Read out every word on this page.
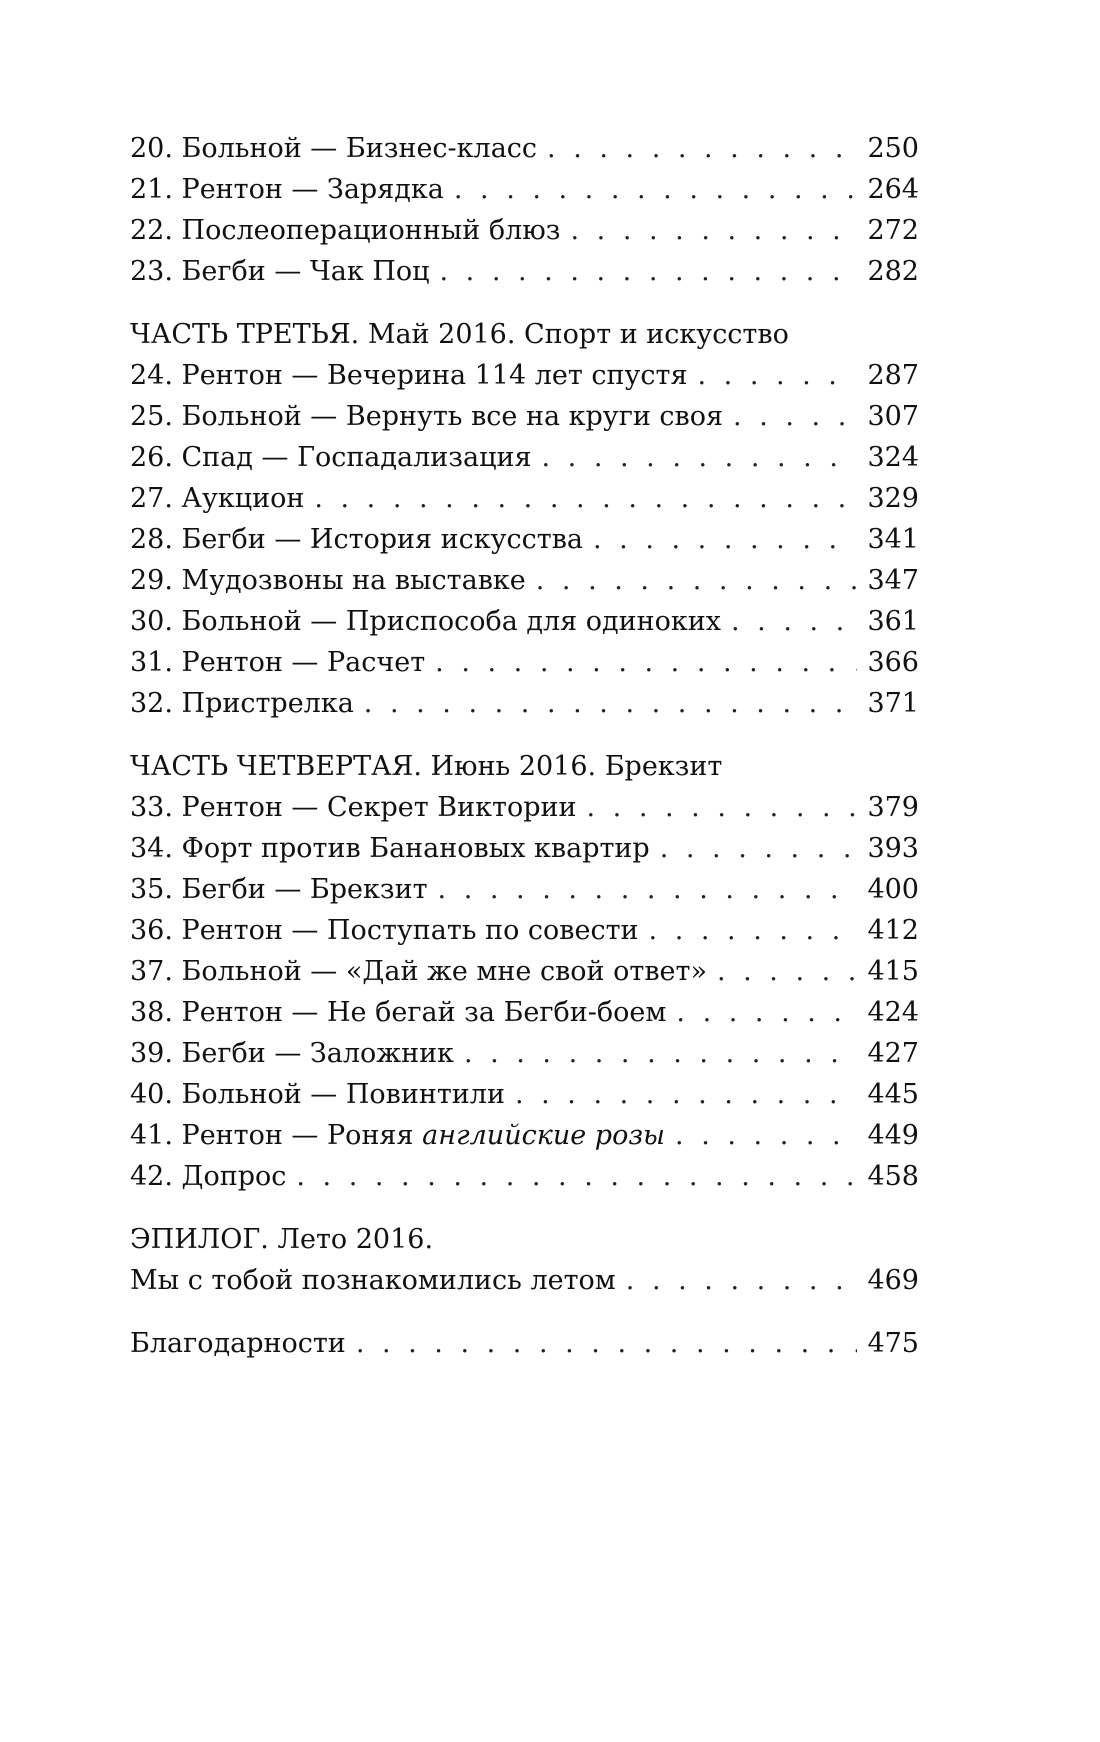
20. Больной — Бизнес-класс . . .	250
21. Рентон — Зарядка . . .	264
22. Послеоперационный блюз . . .	272
23. Бегби — Чак Поц . . .	282
ЧАСТЬ ТРЕТЬЯ. Май 2016. Спорт и искусство
24. Рентон — Вечерина 114 лет спустя . . .	287
25. Больной — Вернуть все на круги своя . . .	307
26. Спад — Госпадализация . . .	324
27. Аукцион . . .	329
28. Бегби — История искусства . . .	341
29. Мудозвоны на выставке . . .	347
30. Больной — Приспособа для одиноких . . .	361
31. Рентон — Расчет . . .	366
32. Пристрелка . . .	371
ЧАСТЬ ЧЕТВЕРТАЯ. Июнь 2016. Брекзит
33. Рентон — Секрет Виктории . . .	379
34. Форт против Банановых квартир . . .	393
35. Бегби — Брекзит . . .	400
36. Рентон — Поступать по совести . . .	412
37. Больной — «Дай же мне свой ответ» . . .	415
38. Рентон — Не бегай за Бегби-боем . . .	424
39. Бегби — Заложник . . .	427
40. Больной — Повинтили . . .	445
41. Рентон — Роняя английские розы . . .	449
42. Допрос . . .	458
ЭПИЛОГ. Лето 2016.
Мы с тобой познакомились летом . . .	469
Благодарности . . .	475
